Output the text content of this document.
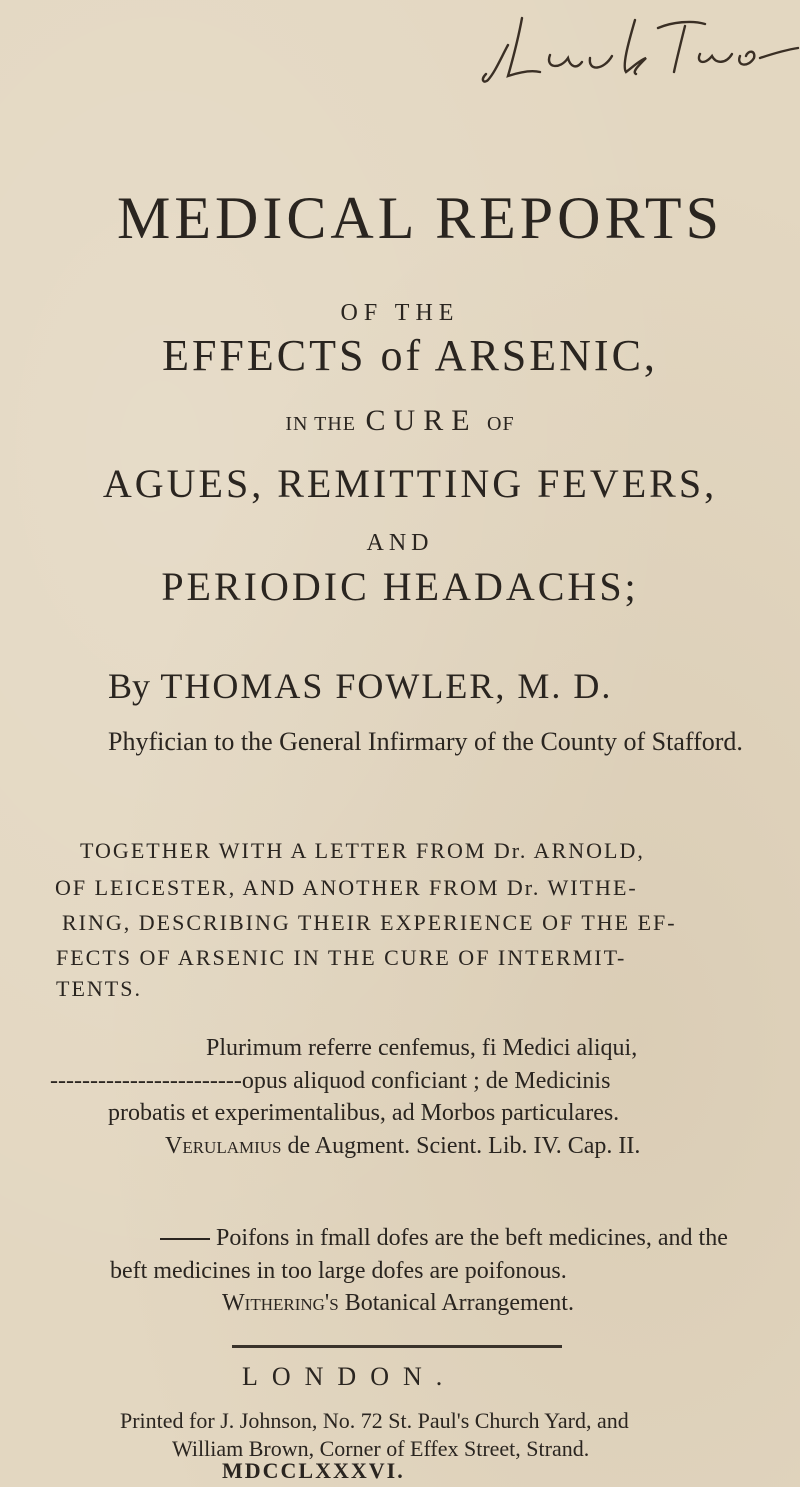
MEDICAL REPORTS
OF THE
EFFECTS of ARSENIC,
IN THE CURE OF
AGUES, REMITTING FEVERS,
AND
PERIODIC HEADACHS;
By THOMAS FOWLER, M. D.
Phyfician to the General Infirmary of the County of Stafford.
TOGETHER WITH A LETTER FROM Dr. ARNOLD,
OF LEICESTER, AND ANOTHER FROM Dr. WITHE-
RING, DESCRIBING THEIR EXPERIENCE OF THE EF-
FECTS OF ARSENIC IN THE CURE OF INTERMIT-
TENTS.
Plurimum referre cenfemus, fi Medici aliqui,
------------------------opus aliquod conficiant ; de Medicinis
probatis et experimentalibus, ad Morbos particulares.
Verulamius de Augment. Scient. Lib. IV. Cap. II.
Poifons in fmall dofes are the beft medicines, and the
beft medicines in too large dofes are poifonous.
Withering's Botanical Arrangement.
LONDON.
Printed for J. Johnson, No. 72 St. Paul's Church Yard, and
William Brown, Corner of Effex Street, Strand.
MDCCLXXXVI.
